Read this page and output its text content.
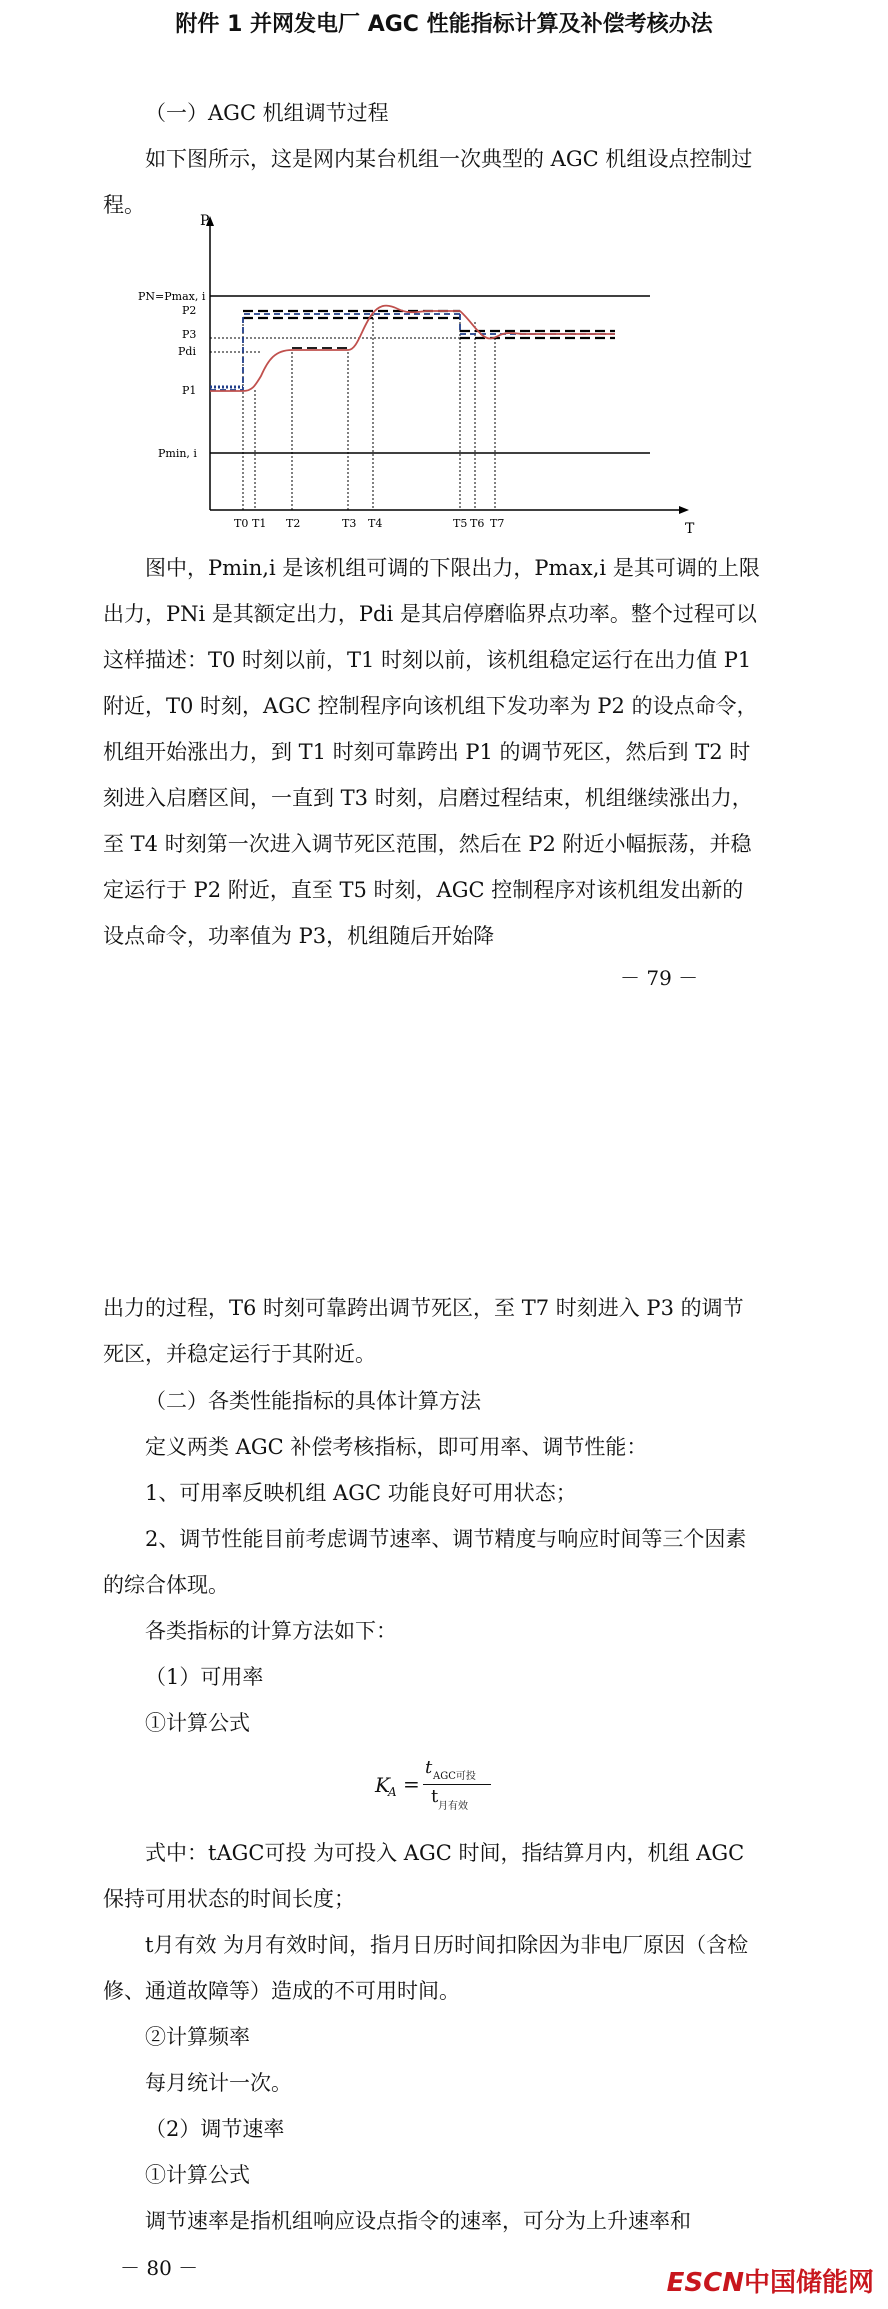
附件 1 并网发电厂 AGC 性能指标计算及补偿考核办法
（一）AGC 机组调节过程

如下图所示，这是网内某台机组一次典型的 AGC 机组设点控制过程。

P
T
PN=Pmax, i
P2
P3
Pdi
P1
Pmin, i
T0 T1 T2	T3 T4	T5 T6 T7

图中，Pmin,i 是该机组可调的下限出力，Pmax,i 是其可调的上限出力，PNi 是其额定出力，Pdi 是其启停磨临界点功率。整个过程可以这样描述：T0 时刻以前，T1 时刻以前，该机组稳定运行在出力值 P1 附近，T0 时刻，AGC 控制程序向该机组下发功率为 P2 的设点命令，机组开始涨出力，到 T1 时刻可靠跨出 P1 的调节死区，然后到 T2 时刻进入启磨区间，一直到 T3 时刻，启磨过程结束，机组继续涨出力，至 T4 时刻第一次进入调节死区范围，然后在 P2 附近小幅振荡，并稳定运行于 P2 附近，直至 T5 时刻，AGC 控制程序对该机组发出新的设点命令，功率值为 P3，机组随后开始降

－ 79 －

出力的过程，T6 时刻可靠跨出调节死区，至 T7 时刻进入 P3 的调节死区，并稳定运行于其附近。

（二）各类性能指标的具体计算方法

定义两类 AGC 补偿考核指标，即可用率、调节性能：

1、可用率反映机组 AGC 功能良好可用状态；

2、调节性能目前考虑调节速率、调节精度与响应时间等三个因素的综合体现。

各类指标的计算方法如下：

（1）可用率
①计算公式
K
A =
t AGC可投
t 月有效

式中：tAGC可投 为可投入 AGC 时间，指结算月内，机组 AGC 保持可用状态的时间长度；

t月有效 为月有效时间，指月日历时间扣除因为非电厂原因（含检修、通道故障等）造成的不可用时间。

②计算频率
每月统计一次。
（2）调节速率
①计算公式

调节速率是指机组响应设点指令的速率，可分为上升速率和

－ 80 －	ESCN中国储能网
